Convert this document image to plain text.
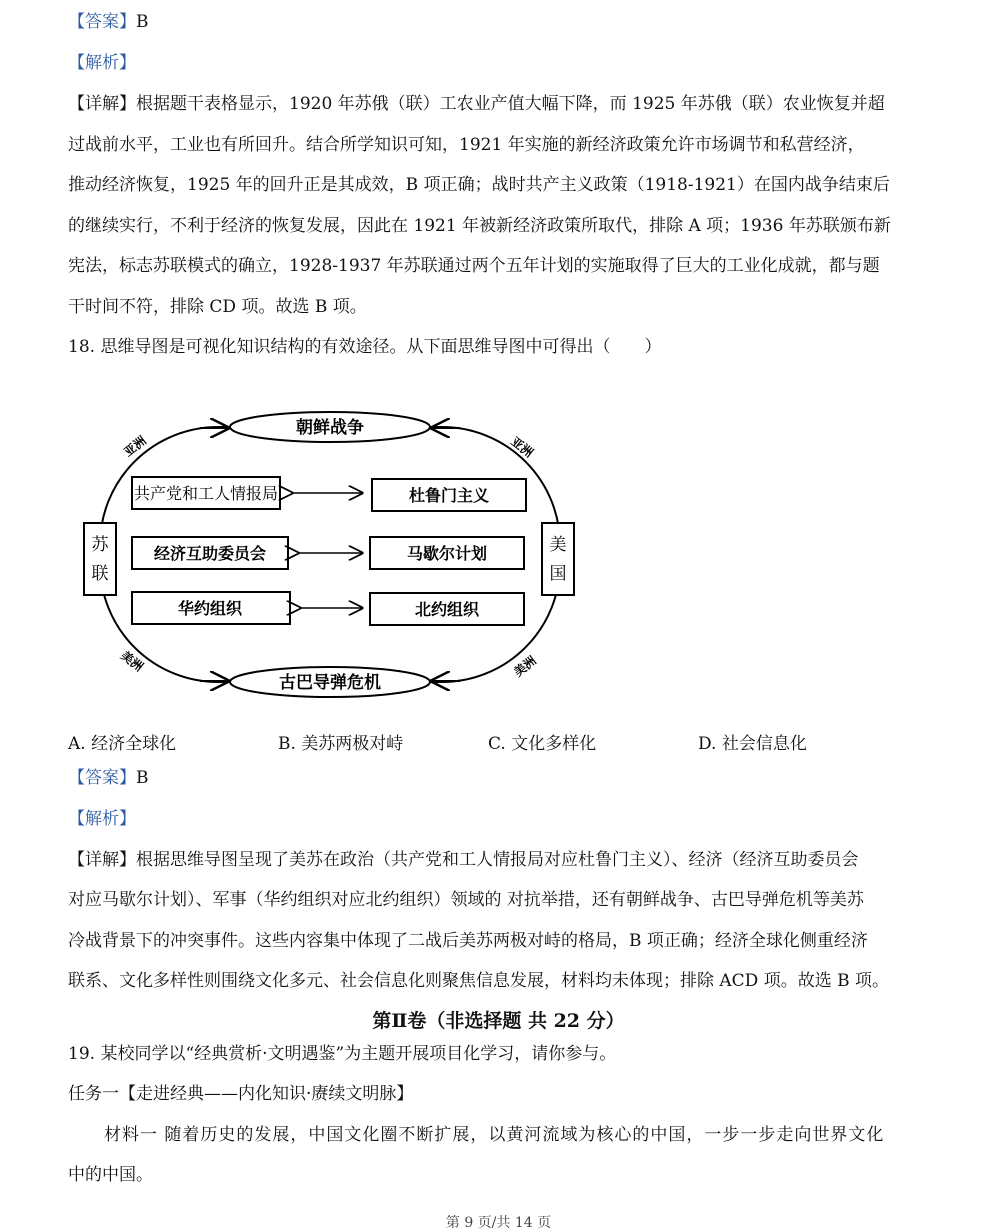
【答案】B
【解析】
【详解】根据题干表格显示，1920 年苏俄（联）工农业产值大幅下降，而 1925 年苏俄（联）农业恢复并超
过战前水平，工业也有所回升。结合所学知识可知，1921 年实施的新经济政策允许市场调节和私营经济，
推动经济恢复，1925 年的回升正是其成效，B 项正确；战时共产主义政策（1918-1921）在国内战争结束后
的继续实行，不利于经济的恢复发展，因此在 1921 年被新经济政策所取代，排除 A 项；1936 年苏联颁布新
宪法，标志苏联模式的确立，1928-1937 年苏联通过两个五年计划的实施取得了巨大的工业化成就，都与题
干时间不符，排除 CD 项。故选 B 项。
18. 思维导图是可视化知识结构的有效途径。从下面思维导图中可得出（　　）
朝鲜战争
古巴导弹危机
亚洲	亚洲
美洲	美洲
苏
联
美
国
共产党和工人情报局
经济互助委员会
华约组织
杜鲁门主义
马歇尔计划
北约组织
A. 经济全球化	B. 美苏两极对峙	C. 文化多样化	D. 社会信息化
【答案】B
【解析】
【详解】根据思维导图呈现了美苏在政治（共产党和工人情报局对应杜鲁门主义）、经济（经济互助委员会
对应马歇尔计划）、军事（华约组织对应北约组织）领域的 对抗举措，还有朝鲜战争、古巴导弹危机等美苏
冷战背景下的冲突事件。这些内容集中体现了二战后美苏两极对峙的格局，B 项正确；经济全球化侧重经济
联系、文化多样性则围绕文化多元、社会信息化则聚焦信息发展，材料均未体现；排除 ACD 项。故选 B 项。
第Ⅱ卷（非选择题 共 22 分）
19. 某校同学以“经典赏析·文明遇鉴”为主题开展项目化学习，请你参与。
任务一【走进经典——内化知识·赓续文明脉】
材料一 随着历史的发展，中国文化圈不断扩展，以黄河流域为核心的中国，一步一步走向世界文化
中的中国。
第 9 页/共 14 页
